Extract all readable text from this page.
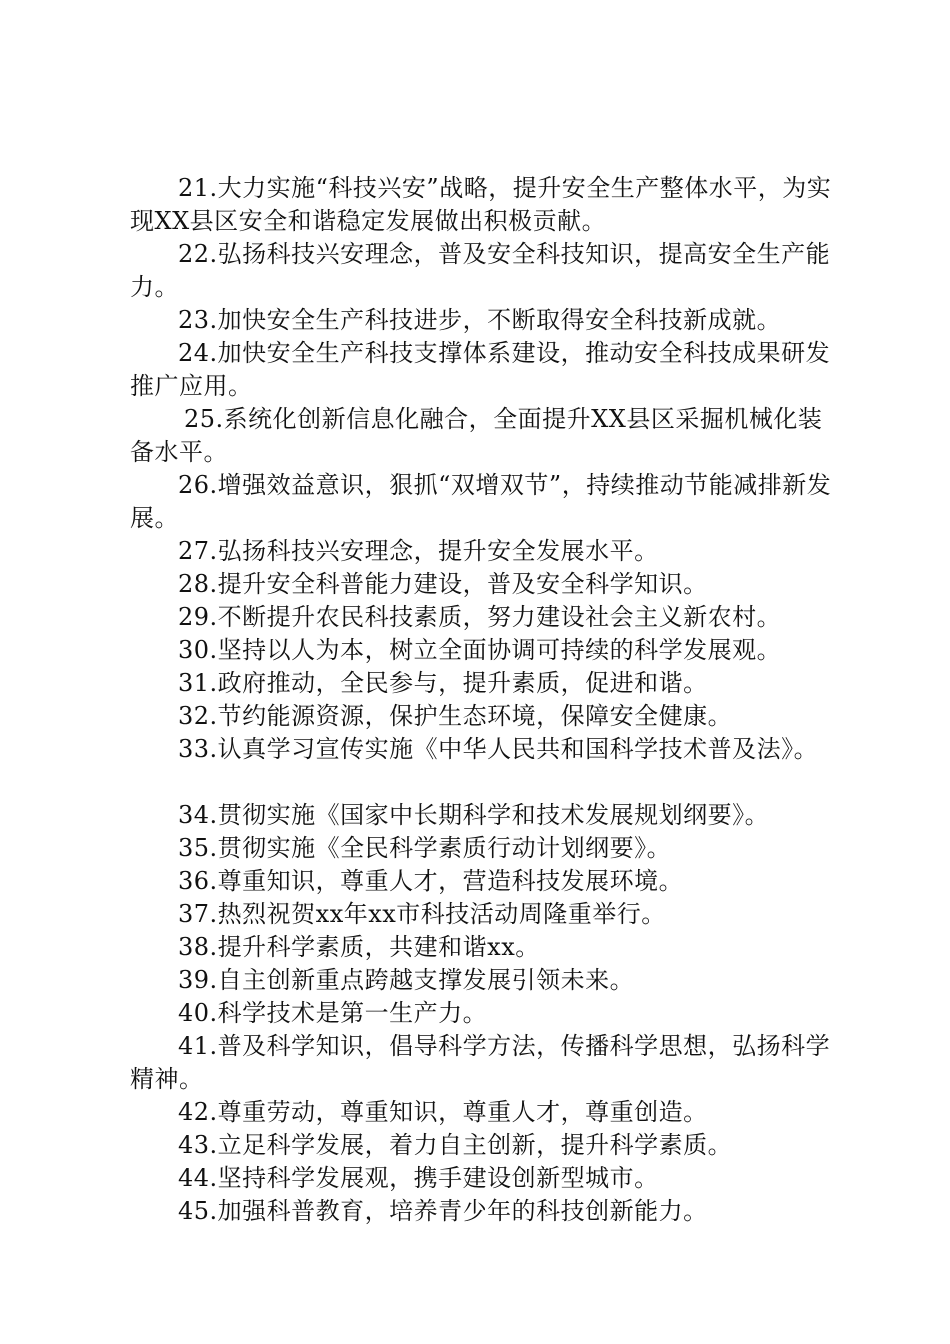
21.大力实施“科技兴安”战略，提升安全生产整体水平，为实现XX县区安全和谐稳定发展做出积极贡献。

22.弘扬科技兴安理念，普及安全科技知识，提高安全生产能力。

23.加快安全生产科技进步，不断取得安全科技新成就。

24.加快安全生产科技支撑体系建设，推动安全科技成果研发推广应用。

25.系统化创新信息化融合，全面提升XX县区采掘机械化装备水平。

26.增强效益意识，狠抓“双增双节”，持续推动节能减排新发展。

27.弘扬科技兴安理念，提升安全发展水平。

28.提升安全科普能力建设，普及安全科学知识。

29.不断提升农民科技素质，努力建设社会主义新农村。

30.坚持以人为本，树立全面协调可持续的科学发展观。

31.政府推动，全民参与，提升素质，促进和谐。

32.节约能源资源，保护生态环境，保障安全健康。

33.认真学习宣传实施《中华人民共和国科学技术普及法》。

34.贯彻实施《国家中长期科学和技术发展规划纲要》。

35.贯彻实施《全民科学素质行动计划纲要》。

36.尊重知识，尊重人才，营造科技发展环境。

37.热烈祝贺xx年xx市科技活动周隆重举行。

38.提升科学素质，共建和谐xx。

39.自主创新重点跨越支撑发展引领未来。

40.科学技术是第一生产力。

41.普及科学知识，倡导科学方法，传播科学思想，弘扬科学精神。

42.尊重劳动，尊重知识，尊重人才，尊重创造。

43.立足科学发展，着力自主创新，提升科学素质。

44.坚持科学发展观，携手建设创新型城市。

45.加强科普教育，培养青少年的科技创新能力。
